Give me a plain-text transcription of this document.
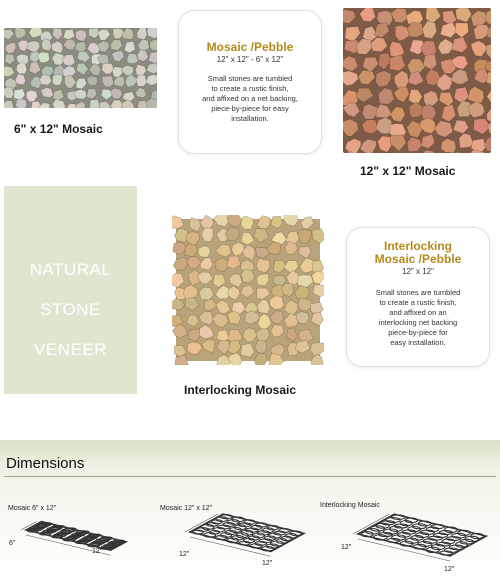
6" x 12" Mosaic
Mosaic /Pebble
12" x 12" - 6" x 12"
Small stones are tumbled
to create a rustic finish,
and affixed on a net backing,
piece-by-piece for easy
installation.
12" x 12" Mosaic
NATURAL
STONE
VENEER
Interlocking Mosaic
Interlocking
Mosaic /Pebble
12" x 12"
Small stones are tumbled
to create a rustic finish,
and affixed on an
interlocking net backing
piece-by-piece for
easy installation.
Dimensions
Mosaic 6" x 12"
6"
12"
Mosaic 12" x 12"
12"
12"
Interlocking Mosaic
12"
12"
